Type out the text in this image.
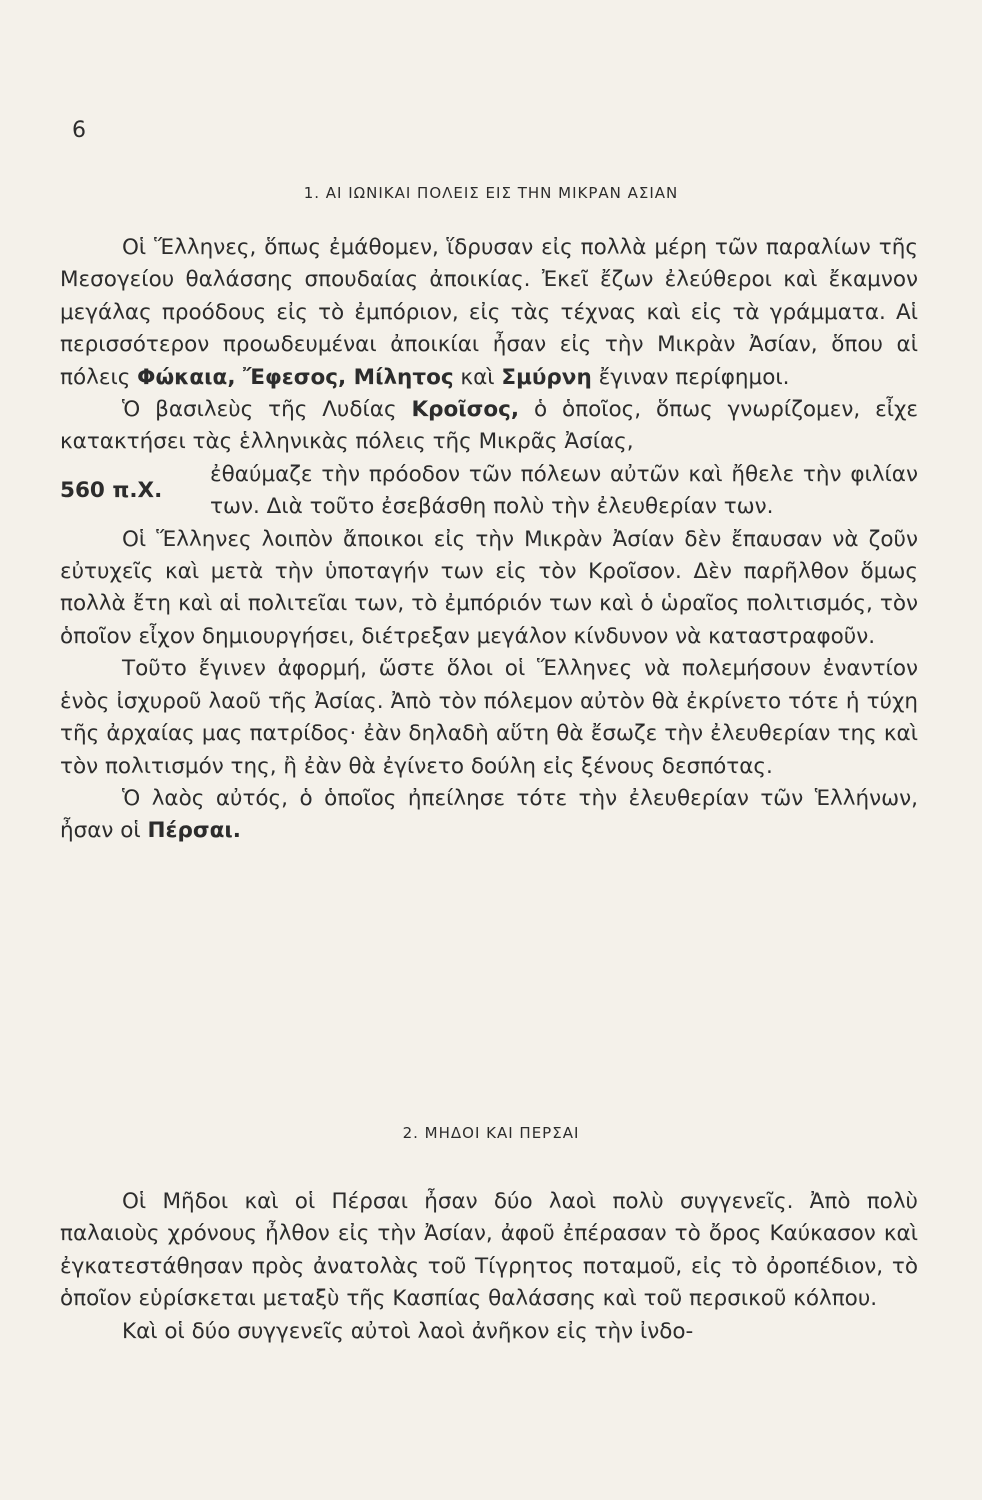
6
1. ΑΙ ΙΩΝΙΚΑΙ ΠΟΛΕΙΣ ΕΙΣ ΤΗΝ ΜΙΚΡΑΝ ΑΣΙΑΝ

Οἱ Ἕλληνες, ὅπως ἐμάθομεν, ἵδρυσαν εἰς πολλὰ μέρη τῶν παραλίων τῆς Μεσογείου θαλάσσης σπουδαίας ἀποικίας. Ἐκεῖ ἔζων ἐλεύθεροι καὶ ἔκαμνον μεγάλας προόδους εἰς τὸ ἐμπόριον, εἰς τὰς τέχνας καὶ εἰς τὰ γράμματα. Αἱ περισσότερον προωδευμέναι ἀποικίαι ἦσαν εἰς τὴν Μικρὰν Ἀσίαν, ὅπου αἱ πόλεις Φώκαια, Ἔφεσος, Μίλητος καὶ Σμύρνη ἔγιναν περίφημοι.

Ὁ βασιλεὺς τῆς Λυδίας Κροῖσος, ὁ ὁποῖος, ὅπως γνωρίζομεν, εἶχε κατακτήσει τὰς ἑλληνικὰς πόλεις τῆς Μικρᾶς Ἀσίας,

560 π.Χ.
ἐθαύμαζε τὴν πρόοδον τῶν πόλεων αὐτῶν καὶ ἤθελε τὴν φιλίαν των. Διὰ τοῦτο ἐσεβάσθη πολὺ τὴν ἐλευθερίαν των.

Οἱ Ἕλληνες λοιπὸν ἄποικοι εἰς τὴν Μικρὰν Ἀσίαν δὲν ἔπαυσαν νὰ ζοῦν εὐτυχεῖς καὶ μετὰ τὴν ὑποταγήν των εἰς τὸν Κροῖσον. Δὲν παρῆλθον ὅμως πολλὰ ἔτη καὶ αἱ πολιτεῖαι των, τὸ ἐμπόριόν των καὶ ὁ ὡραῖος πολιτισμός, τὸν ὁποῖον εἶχον δημιουργήσει, διέτρεξαν μεγάλον κίνδυνον νὰ καταστραφοῦν.

Τοῦτο ἔγινεν ἀφορμή, ὥστε ὅλοι οἱ Ἕλληνες νὰ πολεμήσουν ἐναντίον ἑνὸς ἰσχυροῦ λαοῦ τῆς Ἀσίας. Ἀπὸ τὸν πόλεμον αὐτὸν θὰ ἐκρίνετο τότε ἡ τύχη τῆς ἀρχαίας μας πατρίδος· ἐὰν δηλαδὴ αὕτη θὰ ἔσωζε τὴν ἐλευθερίαν της καὶ τὸν πολιτισμόν της, ἢ ἐὰν θὰ ἐγίνετο δούλη εἰς ξένους δεσπότας.

Ὁ λαὸς αὐτός, ὁ ὁποῖος ἠπείλησε τότε τὴν ἐλευθερίαν τῶν Ἑλλήνων, ἦσαν οἱ Πέρσαι.

2. ΜΗΔΟΙ ΚΑΙ ΠΕΡΣΑΙ

Οἱ Μῆδοι καὶ οἱ Πέρσαι ἦσαν δύο λαοὶ πολὺ συγγενεῖς. Ἀπὸ πολὺ παλαιοὺς χρόνους ἦλθον εἰς τὴν Ἀσίαν, ἀφοῦ ἐπέρασαν τὸ ὄρος Καύκασον καὶ ἐγκατεστάθησαν πρὸς ἀνατολὰς τοῦ Τίγρητος ποταμοῦ, εἰς τὸ ὀροπέδιον, τὸ ὁποῖον εὑρίσκεται μεταξὺ τῆς Κασπίας θαλάσσης καὶ τοῦ περσικοῦ κόλπου.

Καὶ οἱ δύο συγγενεῖς αὐτοὶ λαοὶ ἀνῆκον εἰς τὴν ἰνδο-
